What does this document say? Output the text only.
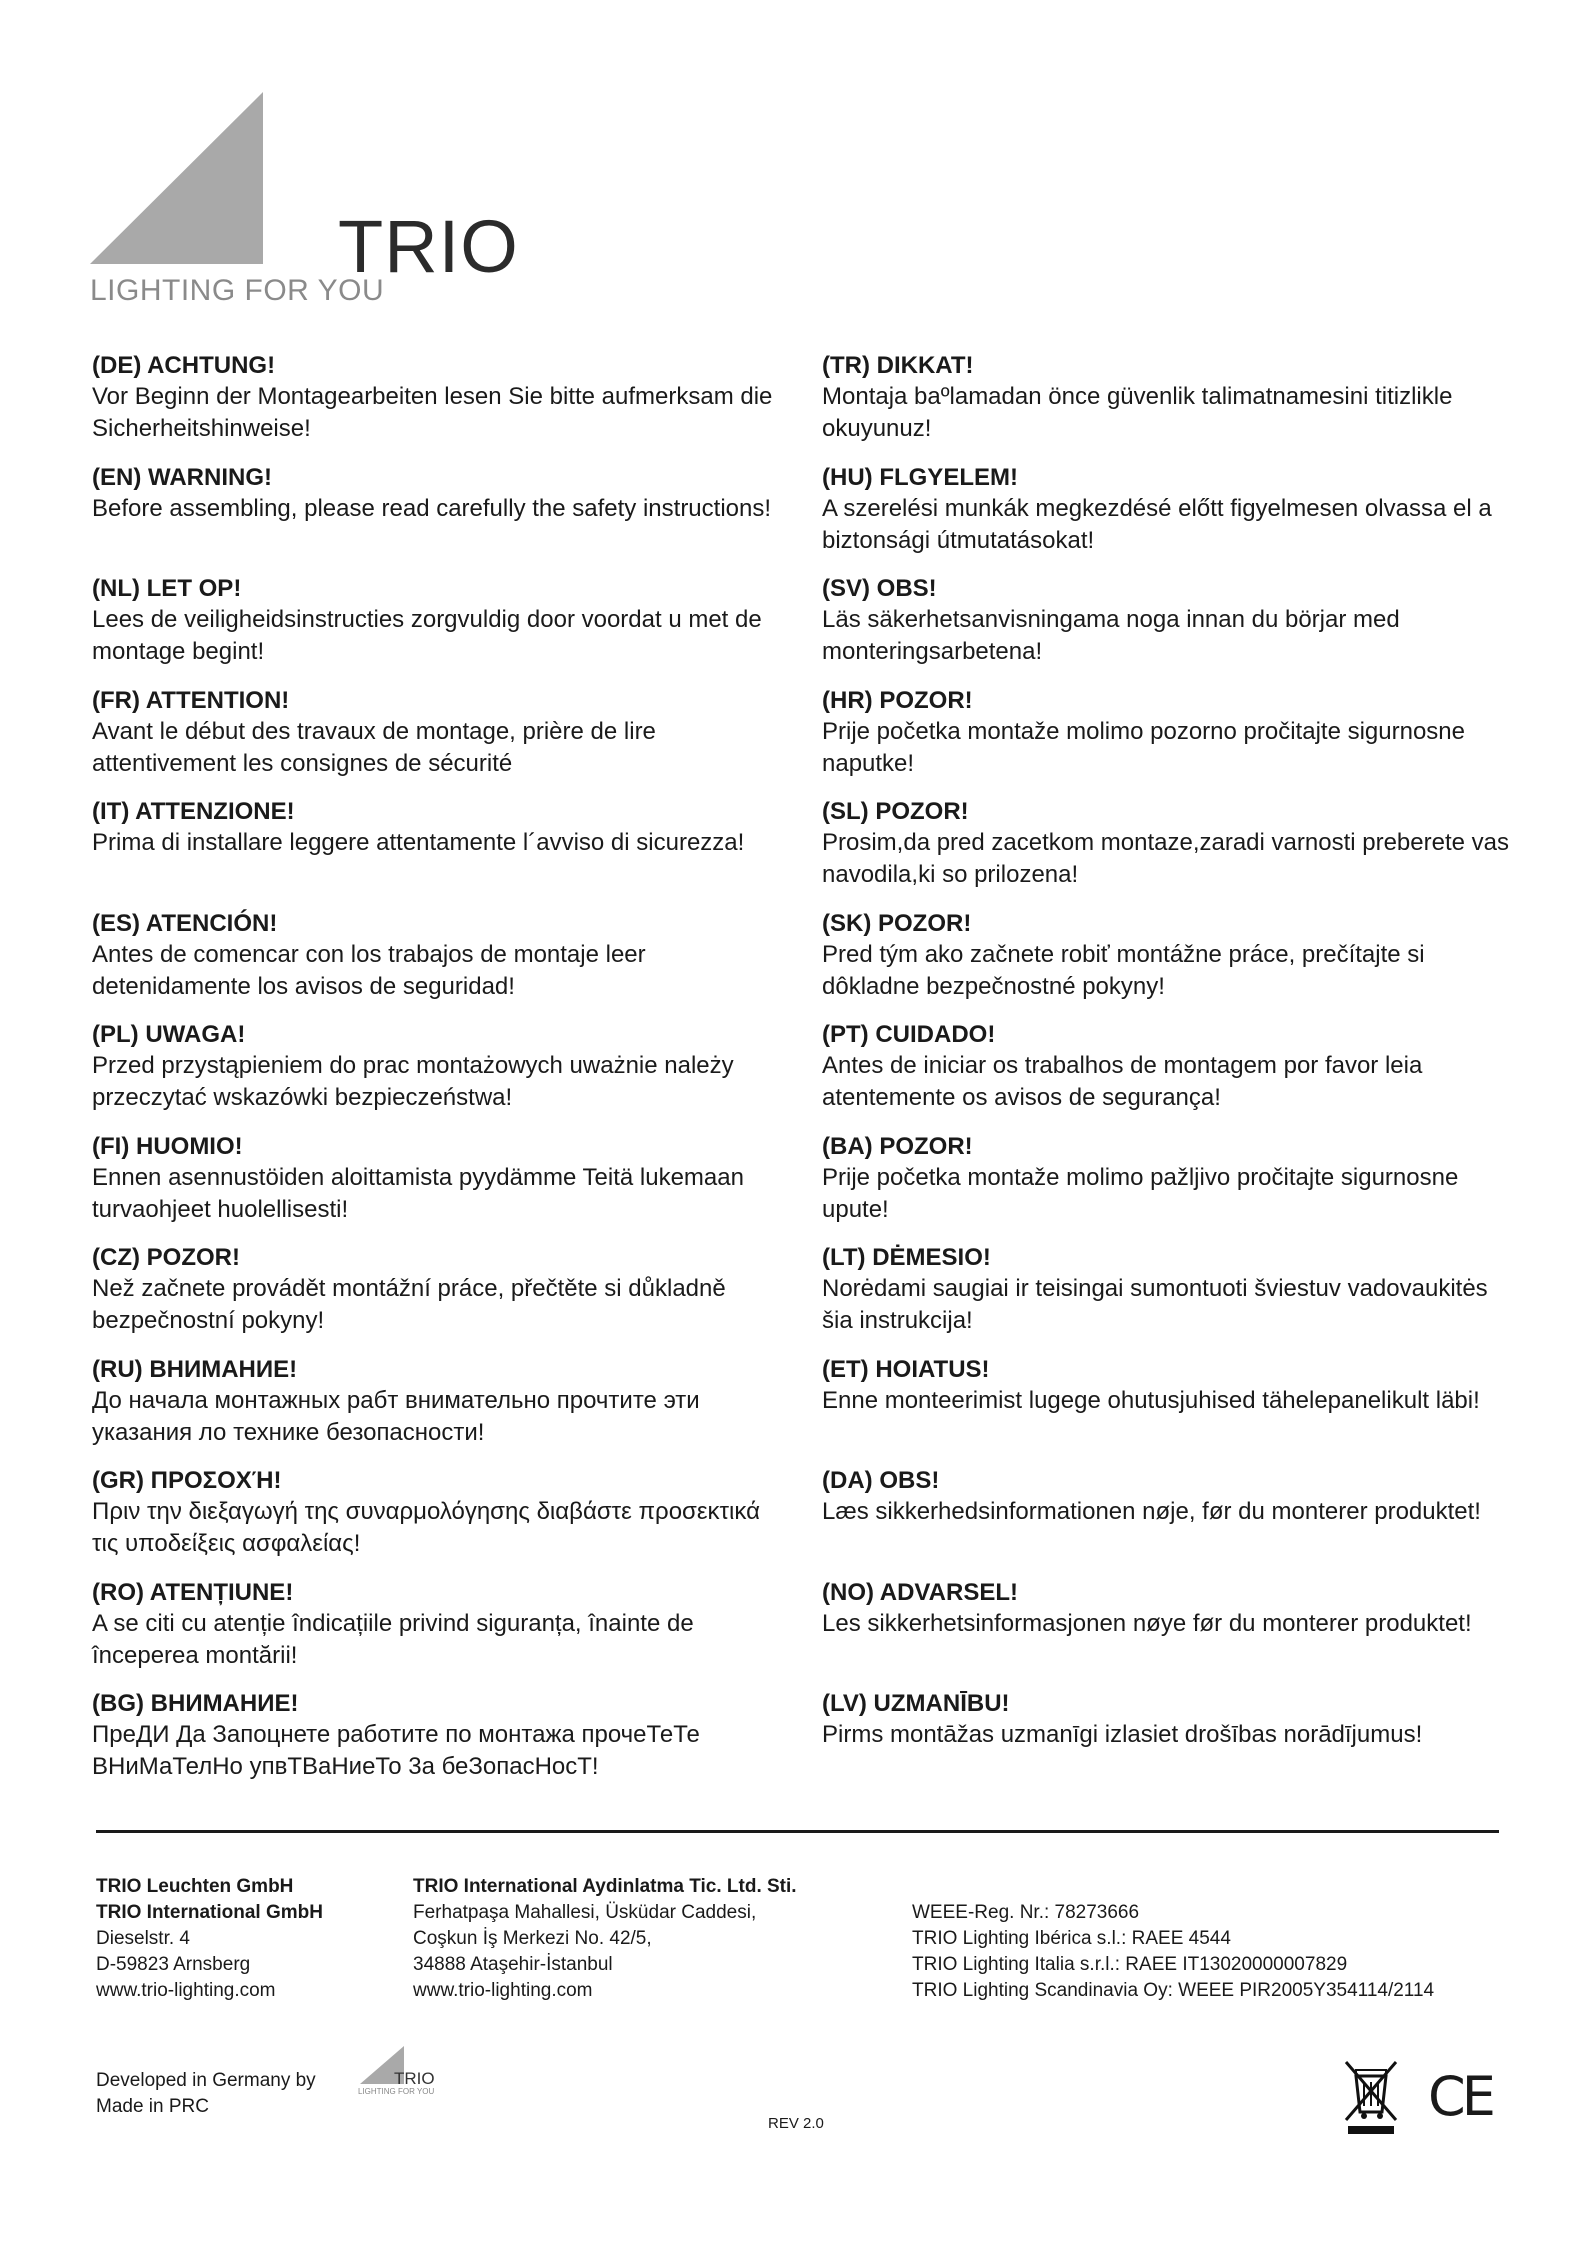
TRIO
LIGHTING FOR YOU

(DE) ACHTUNG!

Vor Beginn der Montagearbeiten lesen Sie bitte aufmerksam die Sicherheitshinweise!

(EN) WARNING!

Before assembling, please read carefully the safety instructions!

(NL) LET OP!

Lees de veiligheidsinstructies zorgvuldig door voordat u met de montage begint!

(FR) ATTENTION!

Avant le début des travaux de montage, prière de lire attentivement les consignes de sécurité

(IT) ATTENZIONE!

Prima di installare leggere attentamente l´avviso di sicurezza!

(ES) ATENCIÓN!

Antes de comencar con los trabajos de montaje leer detenidamente los avisos de seguridad!

(PL) UWAGA!

Przed przystąpieniem do prac montażowych uważnie należy przeczytać wskazówki bezpieczeństwa!

(FI) HUOMIO!

Ennen asennustöiden aloittamista pyydämme Teitä lukemaan turvaohjeet huolellisesti!

(CZ) POZOR!

Než začnete provádět montážní práce, přečtěte si důkladně bezpečnostní pokyny!

(RU) ВНИМАНИЕ!

До начала монтажных рабт внимательно прочтите эти указания ло технике безопасности!

(GR) ΠΡΟΣΟΧΉ!

Πριν την διεξαγωγή της συναρμολόγησης διαβάστε προσεκτικά τις υποδείξεις ασφαλείας!

(RO) ATENȚIUNE!

A se citi cu atenție îndicațiile privind siguranța, înainte de începerea montării!

(BG) ВНИМАНИЕ!

ПреДИ Да Запоцнете работите по монтажа прочеТеТе ВНиМаТелНо упвТВаНиеТо 3а беЗопасНосТ!

(TR) DIKKAT!

Montaja baºlamadan önce güvenlik talimatnamesini titizlikle okuyunuz!

(HU) FLGYELEM!

A szerelési munkák megkezdésé előtt figyelmesen olvassa el a biztonsági útmutatásokat!

(SV) OBS!

Läs säkerhetsanvisningama noga innan du börjar med monteringsarbetena!

(HR) POZOR!

Prije početka montaže molimo pozorno pročitajte sigurnosne naputke!

(SL) POZOR!

Prosim,da pred zacetkom montaze,zaradi varnosti preberete vas navodila,ki so prilozena!

(SK) POZOR!

Pred tým ako začnete robiť montážne práce, prečítajte si dôkladne bezpečnostné pokyny!

(PT) CUIDADO!

Antes de iniciar os trabalhos de montagem por favor leia atentemente os avisos de segurança!

(BA) POZOR!

Prije početka montaže molimo pažljivo pročitajte sigurnosne upute!

(LT) DĖMESIO!

Norėdami saugiai ir teisingai sumontuoti šviestuv vadovaukitės šia instrukcija!

(ET) HOIATUS!

Enne monteerimist lugege ohutusjuhised tähelepanelikult läbi!

(DA) OBS!

Læs sikkerhedsinformationen nøje, før du monterer produktet!

(NO) ADVARSEL!

Les sikkerhetsinformasjonen nøye før du monterer produktet!

(LV) UZMANĪBU!

Pirms montāžas uzmanīgi izlasiet drošības norādījumus!

TRIO Leuchten GmbH
TRIO International GmbH
Dieselstr. 4
D-59823 Arnsberg
www.trio-lighting.com
TRIO International Aydinlatma Tic. Ltd. Sti.
Ferhatpaşa Mahallesi, Üsküdar Caddesi,
Coşkun İş Merkezi No. 42/5,
34888 Ataşehir-İstanbul
www.trio-lighting.com
WEEE-Reg. Nr.: 78273666
TRIO Lighting Ibérica s.l.: RAEE 4544
TRIO Lighting Italia s.r.l.: RAEE IT13020000007829
TRIO Lighting Scandinavia Oy: WEEE PIR2005Y354114/2114
Developed in Germany by
Made in PRC
TRIO
LIGHTING FOR YOU
REV 2.0	CE
